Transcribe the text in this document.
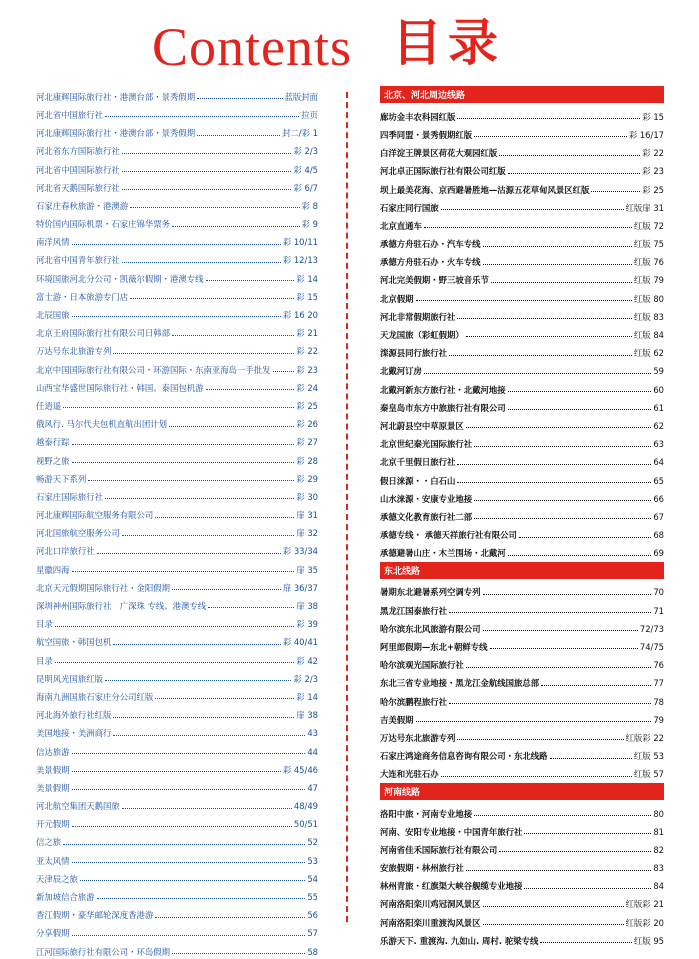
Contents 目录
河北康辉国际旅行社・港澳台部・景秀假期	蓝版封面
河北省中国旅行社	拉页
河北康辉国际旅行社・港澳台部・景秀假期	封二/彩 1
河北省东方国际旅行社	彩 2/3
河北省中国国际旅行社	彩 4/5
河北省天鹅国际旅行社	彩 6/7
石家庄春秋旅游・港澳游	彩 8
特价国内国际机票・石家庄锦华票务	彩 9
南洋风情	彩 10/11
河北省中国青年旅行社	彩 12/13
环境国旅河北分公司・凯薇尔假期・港澳专线	彩 14
富士游・日本旅游专门店	彩 15
北辰国旅	彩 16 20
北京王府国际旅行社有限公司日韩部	彩 21
万达号东北旅游专列	彩 22
北京中国国际旅行社有限公司・环游国际・东南亚海岛一手批发	彩 23
山西宝华盛世国际旅行社・韩国、泰国包机游	彩 24
任逍遥	彩 25
俄风行. 马尔代夫包机直航出团计划	彩 26
越泰行踪	彩 27
视野之旅	彩 28
畅游天下系列	彩 29
石家庄国际旅行社	彩 30
河北康辉国际航空服务有限公司	扉 31
河北国旅航空服务公司	扉 32
河北口岸旅行社	彩 33/34
星徽四海	扉 35
北京天元假期国际旅行社・金阳假期	扉 36/37
深圳神州国际旅行社　广深珠 专线、港澳专线	扉 38
目录	彩 39
航空国旅・韩国包机	彩 40/41
目录	彩 42
昆明风光国旅红版	彩 2/3
海南九洲国旅石家庄分公司红版	彩 14
河北海外旅行社红版	扉 38
美国地接・美洲商行	43
信达旅游	44
美景假期	彩 45/46
美景假期	47
河北航空集团天鹅国旅	48/49
开元假期	50/51
信之旅	52
亚太风情	53
天津辰之旅	54
新加坡信合旅游	55
香江假期・豪华邮轮深度香港游	56
分享假期	57
江河国际旅行社有限公司・环岛假期	58
北京、河北周边线路
廊坊金丰农科园红版	彩 15
四季同盟・景秀假期红版	彩 16/17
白洋淀王牌景区荷花大观园红版	彩 22
河北卓正国际旅行社有限公司红版	彩 23
坝上最美花海、京西避暑胜地—沽源五花草甸风景区红版	彩 25
石家庄同行国旅	红版扉 31
北京直通车	红版 72
承德方舟驻石办・汽车专线	红版 75
承德方舟驻石办・火车专线	红版 76
河北完美假期・野三坡音乐节	红版 79
北京假期	红版 80
河北非常假期旅行社	红版 83
天龙国旅（彩虹假期）	红版 84
滦源县同行旅行社	红版 62
北戴河订房	59
北戴河新东方旅行社・北戴河地接	60
秦皇岛市东方中旅旅行社有限公司	61
河北蔚县空中草原景区	62
北京世纪秦光国际旅行社	63
北京千里假日旅行社	64
假日涞源・・白石山	65
山水涞源・安康专业地接	66
承德文化教育旅行社二部	67
承德专线・ 承德天祥旅行社有限公司	68
承德避暑山庄・木兰围场・北戴河	69
东北线路
暑期东北避暑系列空调专列	70
黑龙江国泰旅行社	71
哈尔滨东北风旅游有限公司	72/73
阿里郎假期—东北+朝鲜专线	74/75
哈尔滨观光国际旅行社	76
东北三省专业地接・黑龙江金航线国旅总部	77
哈尔滨鹏程旅行社	78
吉美假期	79
万达号东北旅游专列	红版彩 22
石家庄鸿途商务信息咨询有限公司・东北线路	红版 53
大连和光驻石办	红版 57
河南线路
洛阳中旅・河南专业地接	80
河南、安阳专业地接・中国青年旅行社	81
河南省佳禾国际旅行社有限公司	82
安旅假期・林州旅行社	83
林州青旅・红旗渠大峡谷舰缆专业地接	84
河南洛阳栾川鸡冠洞风景区	红版彩 21
河南洛阳栾川重渡沟风景区	红版彩 20
乐游天下. 重渡沟. 九如山. 周村. 驼梁专线	红版 95
